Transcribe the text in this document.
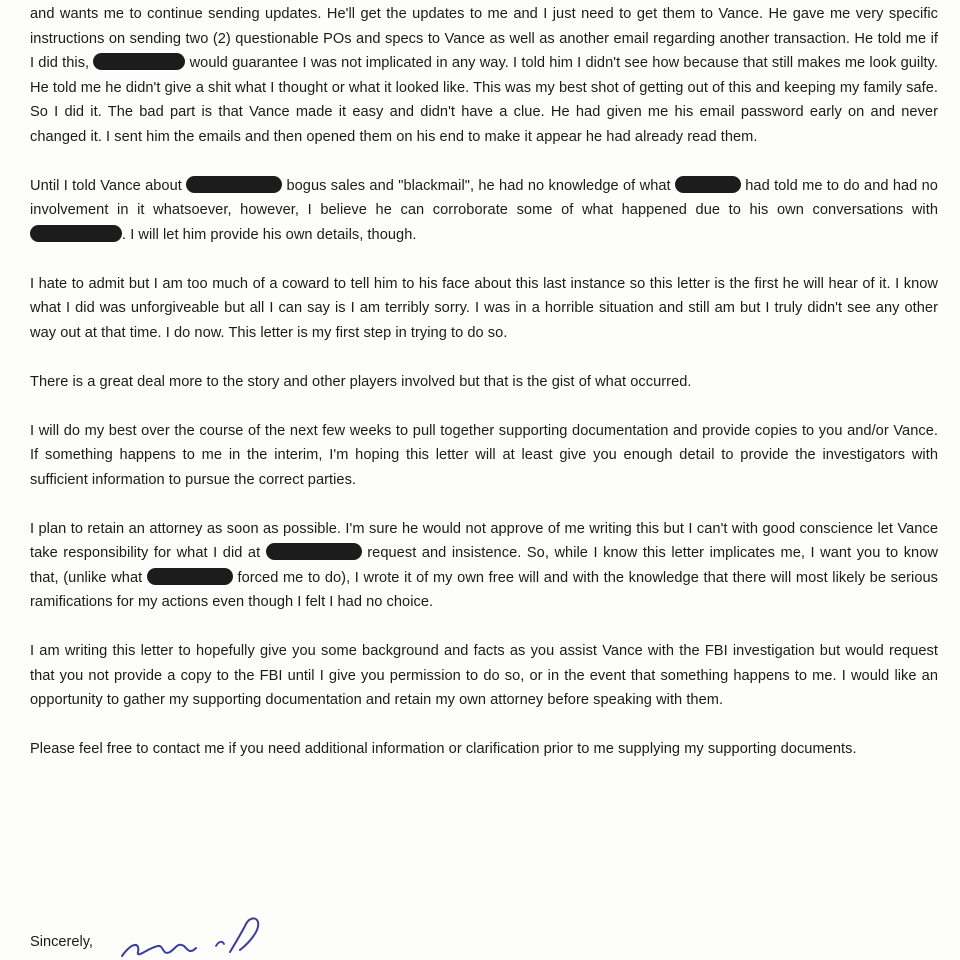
and wants me to continue sending updates. He'll get the updates to me and I just need to get them to Vance. He gave me very specific instructions on sending two (2) questionable POs and specs to Vance as well as another email regarding another transaction. He told me if I did this,	would guarantee I was not implicated in any way. I told him I didn't see how because that still makes me look guilty. He told me he didn't give a shit what I thought or what it looked like. This was my best shot of getting out of this and keeping my family safe. So I did it. The bad part is that Vance made it easy and didn't have a clue. He had given me his email password early on and never changed it. I sent him the emails and then opened them on his end to make it appear he had already read them.

Until I told Vance about	bogus sales and "blackmail", he had no knowledge of what	had told me to do and had no involvement in it whatsoever, however, I believe he can corroborate some of what happened due to his own conversations with . I will let him provide his own details, though.

I hate to admit but I am too much of a coward to tell him to his face about this last instance so this letter is the first he will hear of it. I know what I did was unforgiveable but all I can say is I am terribly sorry. I was in a horrible situation and still am but I truly didn't see any other way out at that time. I do now. This letter is my first step in trying to do so.

There is a great deal more to the story and other players involved but that is the gist of what occurred.

I will do my best over the course of the next few weeks to pull together supporting documentation and provide copies to you and/or Vance. If something happens to me in the interim, I'm hoping this letter will at least give you enough detail to provide the investigators with sufficient information to pursue the correct parties.

I plan to retain an attorney as soon as possible. I'm sure he would not approve of me writing this but I can't with good conscience let Vance take responsibility for what I did at	request and insistence. So, while I know this letter implicates me, I want you to know that, (unlike what	forced me to do), I wrote it of my own free will and with the knowledge that there will most likely be serious ramifications for my actions even though I felt I had no choice.

I am writing this letter to hopefully give you some background and facts as you assist Vance with the FBI investigation but would request that you not provide a copy to the FBI until I give you permission to do so, or in the event that something happens to me. I would like an opportunity to gather my supporting documentation and retain my own attorney before speaking with them.

Please feel free to contact me if you need additional information or clarification prior to me supplying my supporting documents.

Sincerely,
